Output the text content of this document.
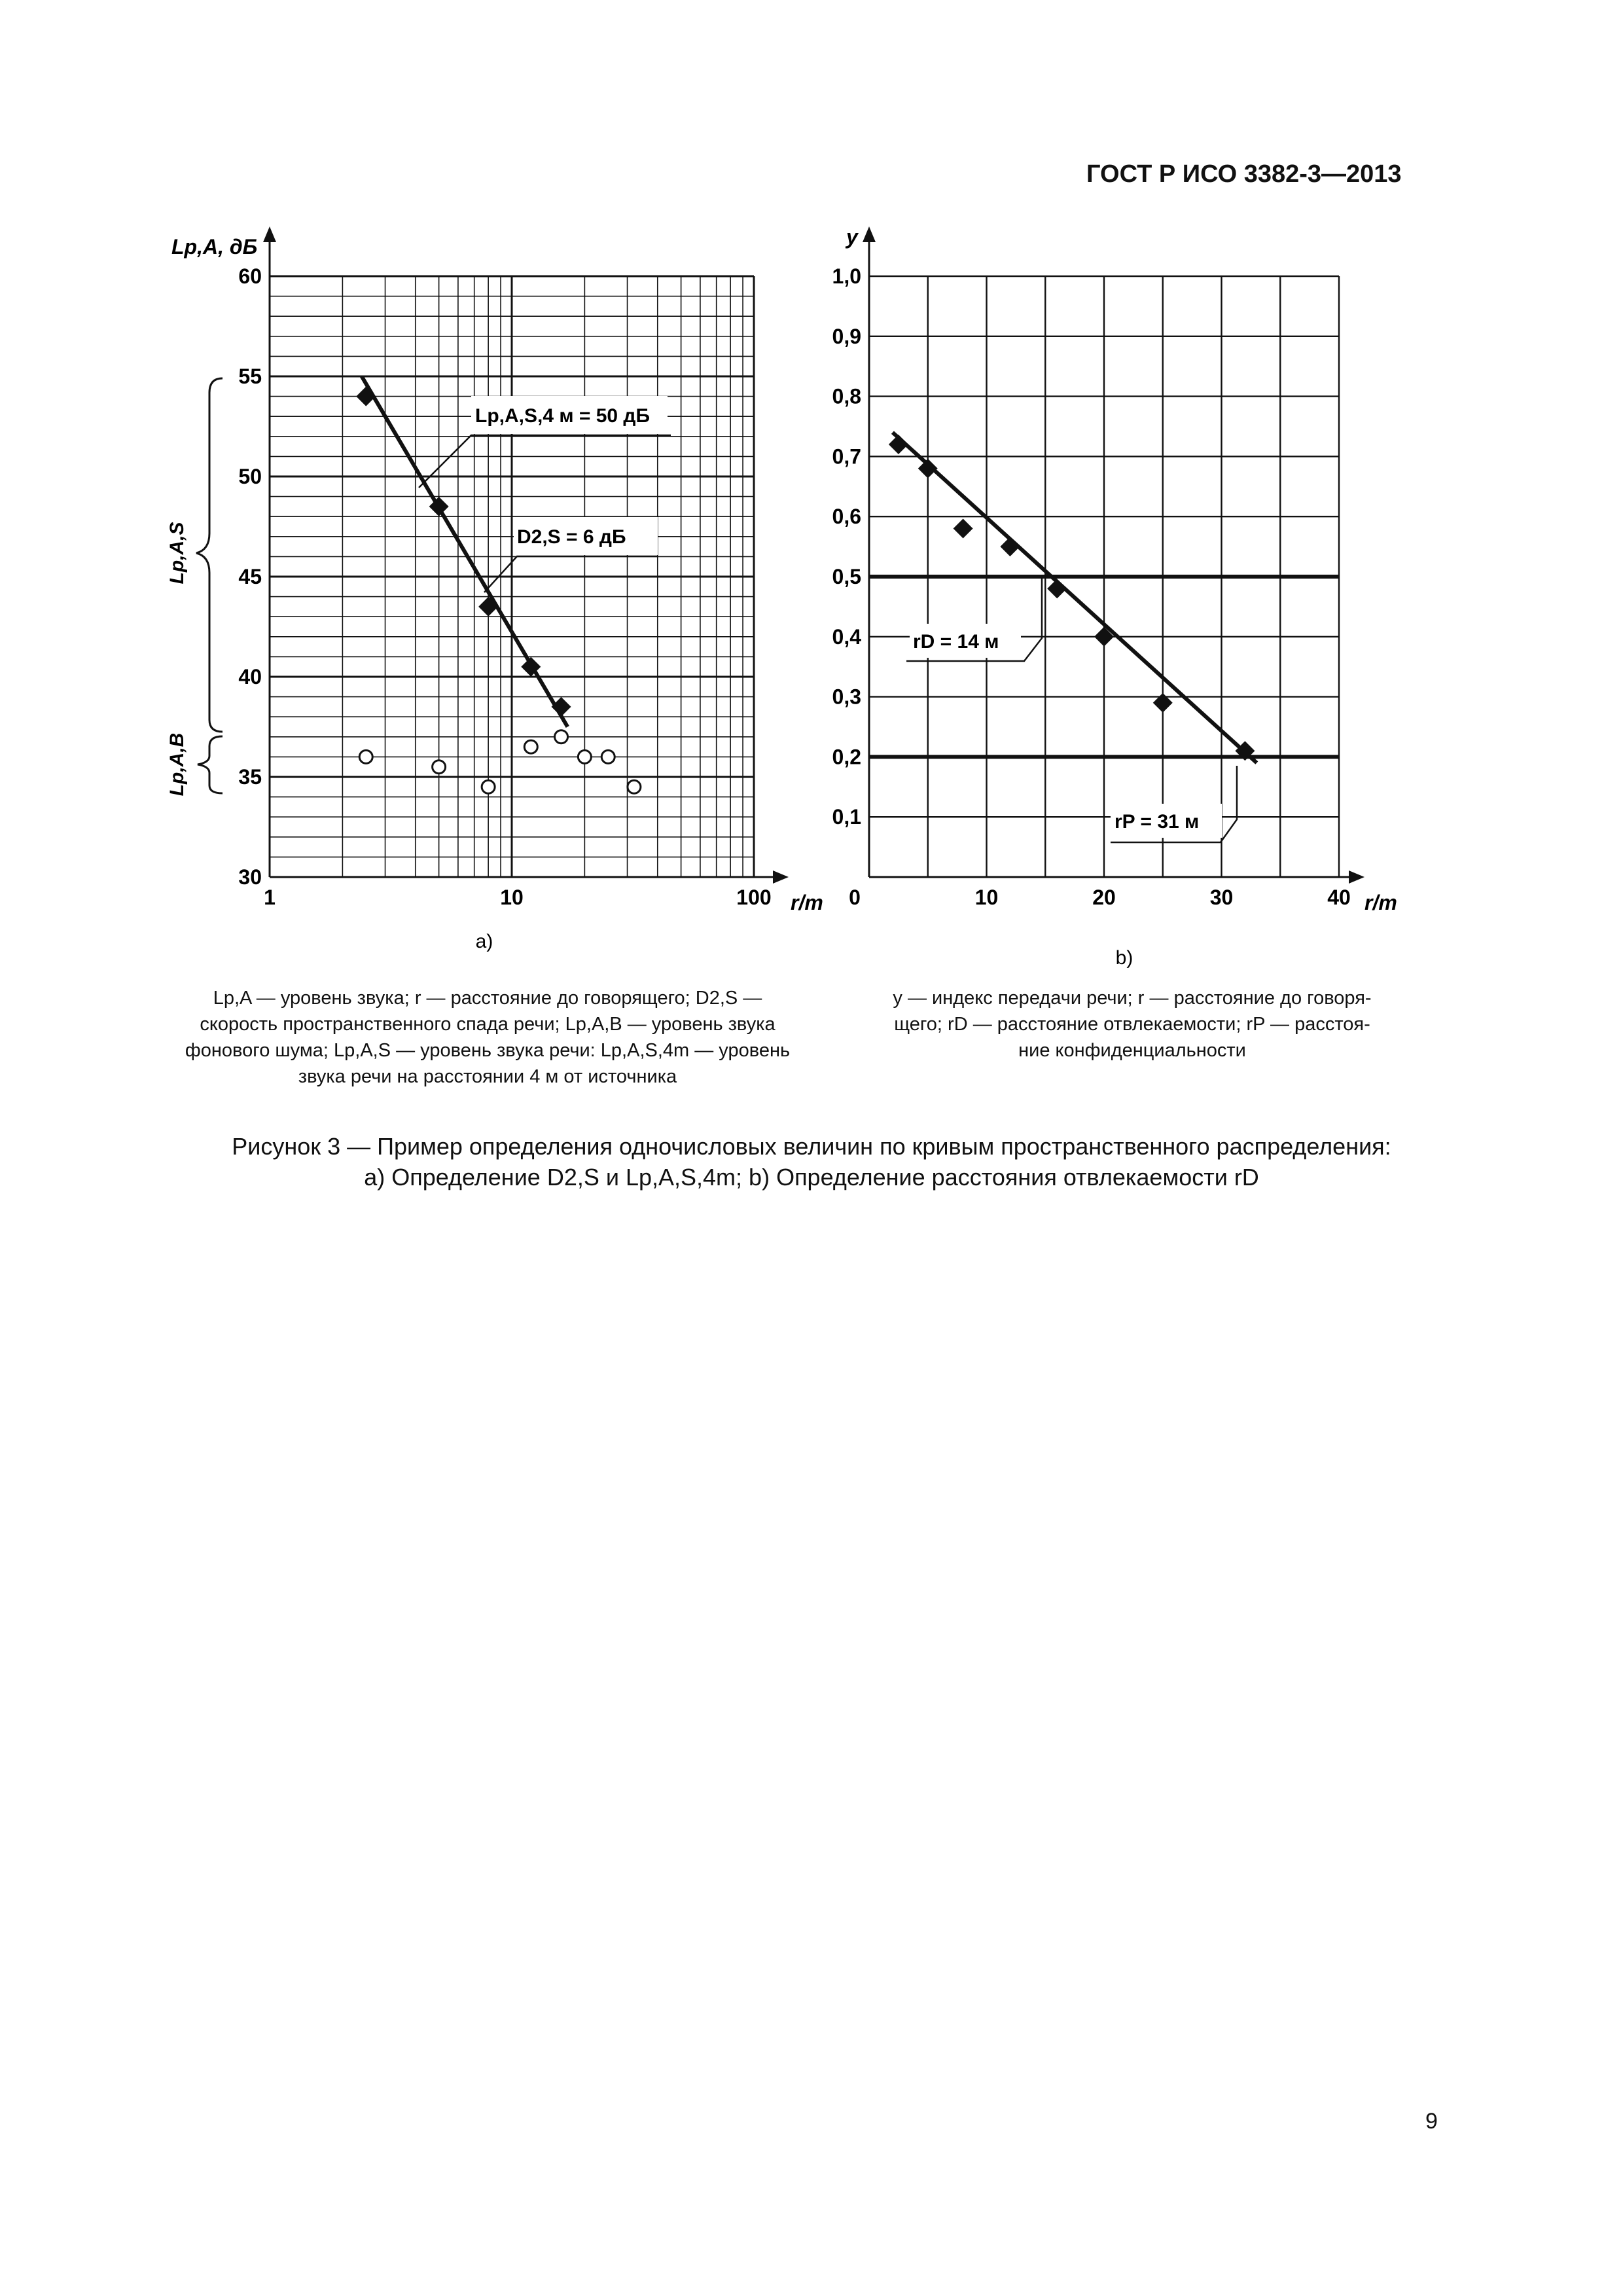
ГОСТ Р ИСО 3382-3—2013
30
35
40
45
50
55
60
1	10	100
0,1
0,2
0,3
0,4
0,5
0,6
0,7
0,8
0,9
1,0
0	10	20	30	40
Lp,A, дБ
r/m
a)
Lp,A,S
Lp,A,B
Lp,A,S,4 м = 50 дБ
D2,S = 6 дБ
y
r/m
b)
rD = 14 м
rP = 31 м
Lp,A — уровень звука; r — расстояние до говорящего; D2,S —
скорость пространственного спада речи; Lp,A,B — уровень звука
фонового шума; Lp,A,S — уровень звука речи: Lp,A,S,4m — уровень
звука речи на расстоянии 4 м от источника
y — индекс передачи речи; r — расстояние до говоря-
щего; rD — расстояние отвлекаемости; rP — расстоя-
ние конфиденциальности
Рисунок 3 — Пример определения одночисловых величин по кривым пространственного распределения:
а) Определение D2,S и Lp,A,S,4m; b) Определение расстояния отвлекаемости rD
9
